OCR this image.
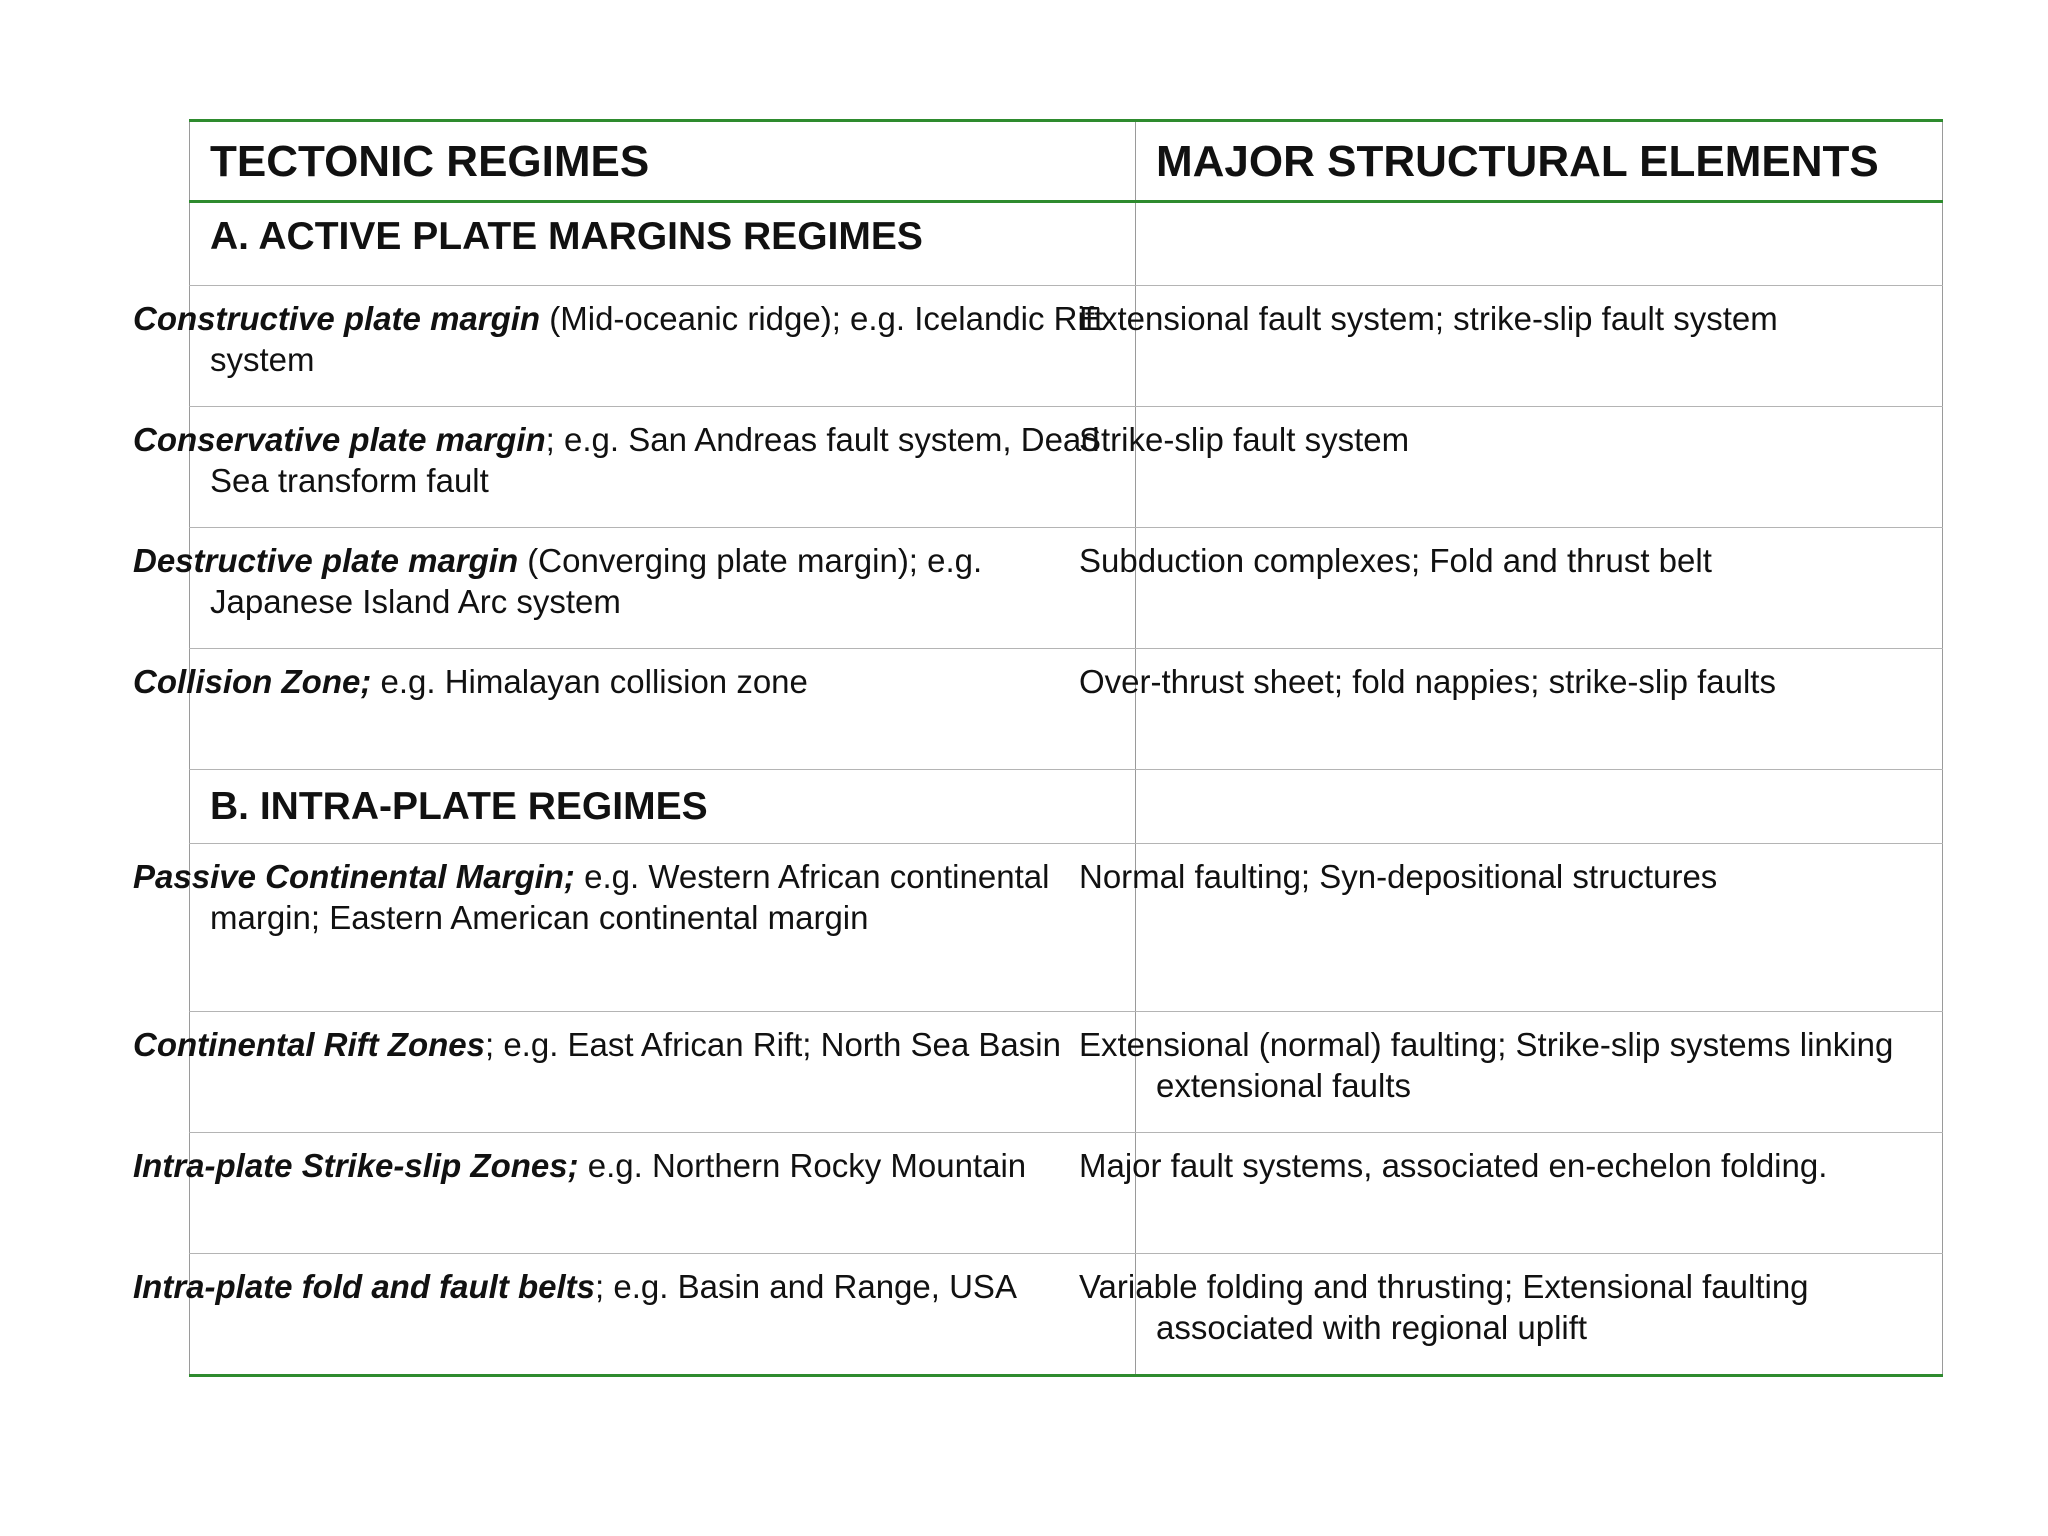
TECTONIC REGIMES	MAJOR STRUCTURAL ELEMENTS
A. ACTIVE PLATE MARGINS REGIMES	
Constructive plate margin (Mid-oceanic ridge); e.g. Icelandic Rift system	Extensional fault system; strike-slip fault system
Conservative plate margin; e.g. San Andreas fault system, Dead Sea transform fault	Strike-slip fault system
Destructive plate margin (Converging plate margin); e.g. Japanese Island Arc system	Subduction complexes; Fold and thrust belt
Collision Zone; e.g. Himalayan collision zone	Over-thrust sheet; fold nappies; strike-slip faults
B. INTRA-PLATE REGIMES	
Passive Continental Margin; e.g. Western African continental margin; Eastern American continental margin	Normal faulting; Syn-depositional structures
Continental Rift Zones; e.g. East African Rift; North Sea Basin	Extensional (normal) faulting; Strike-slip systems linking extensional faults
Intra-plate Strike-slip Zones; e.g. Northern Rocky Mountain	Major fault systems, associated en-echelon folding.
Intra-plate fold and fault belts; e.g. Basin and Range, USA	Variable folding and thrusting; Extensional faulting associated with regional uplift
